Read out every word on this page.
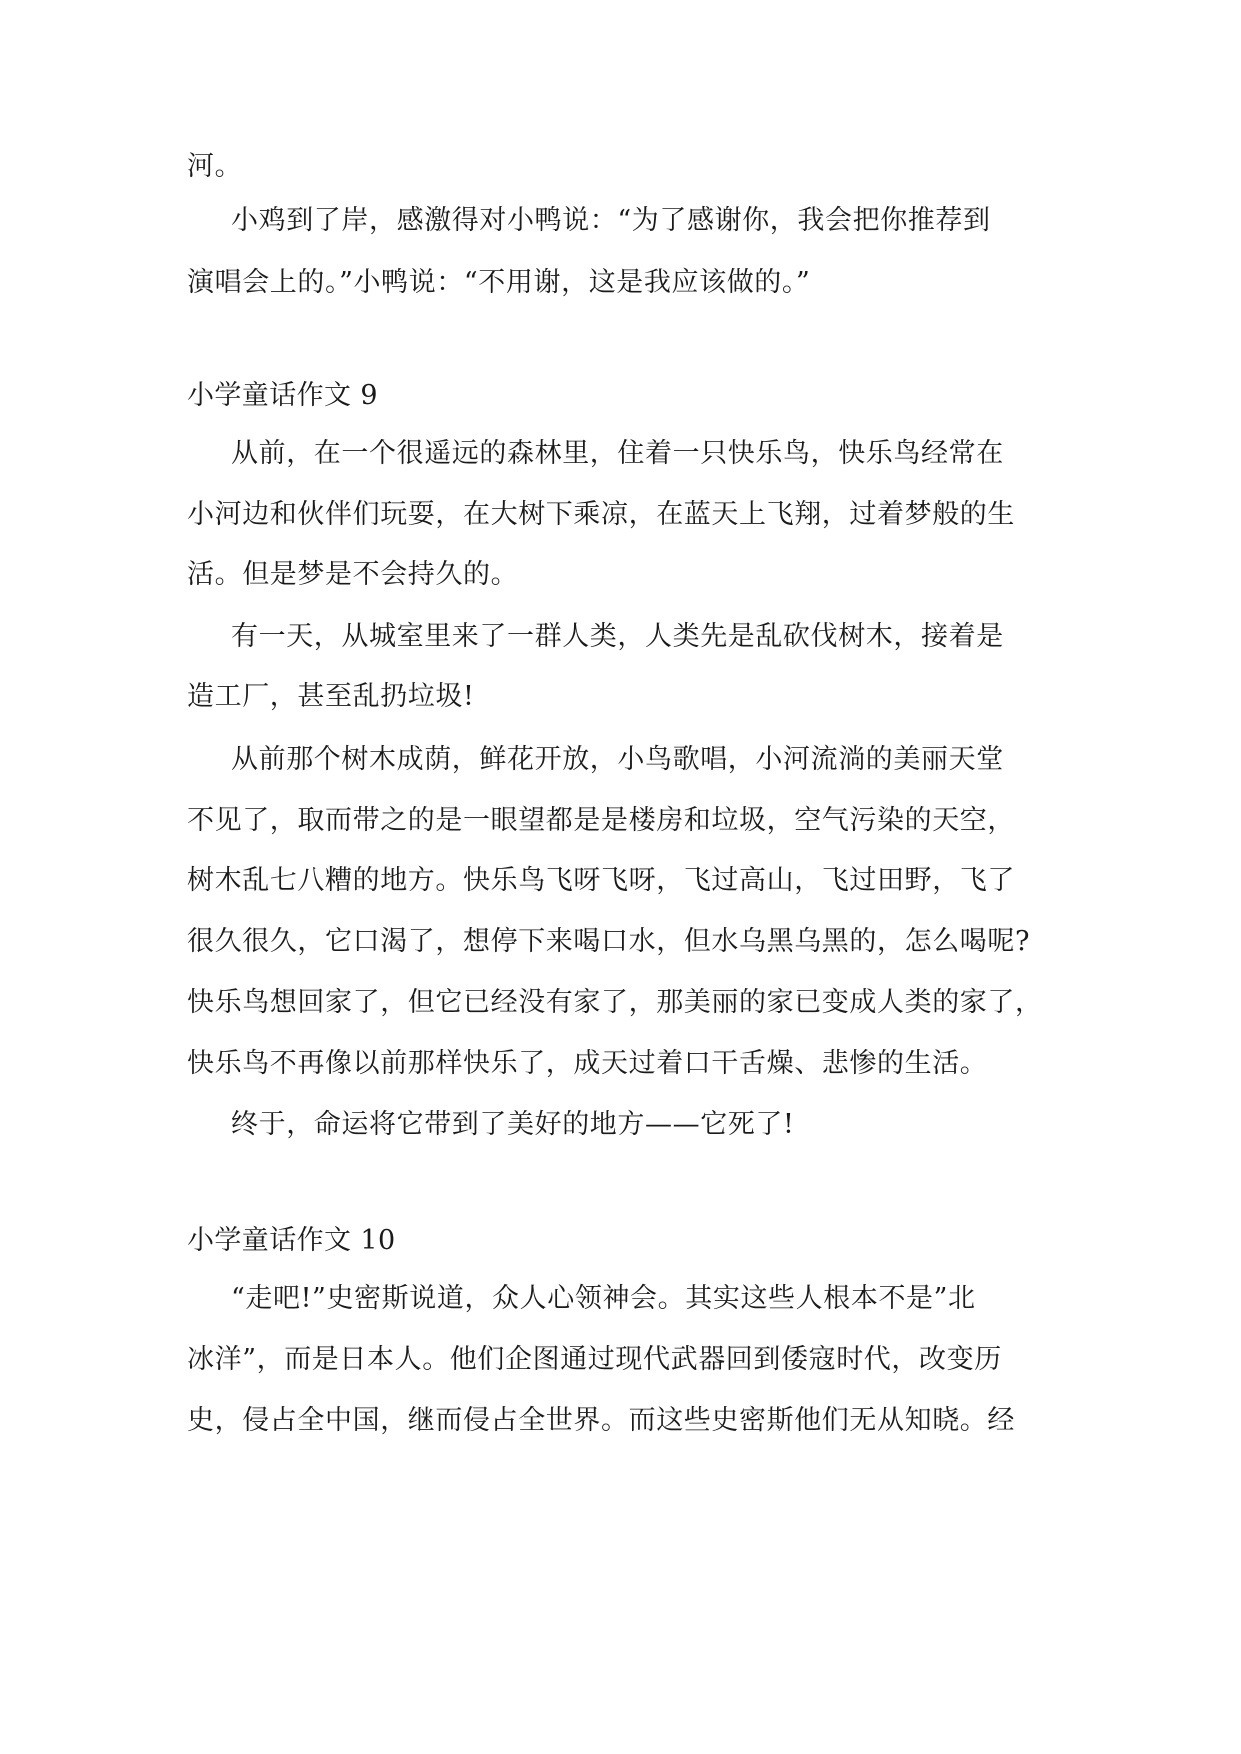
河。
小鸡到了岸，感激得对小鸭说：“为了感谢你，我会把你推荐到
演唱会上的。”小鸭说：“不用谢，这是我应该做的。”
小学童话作文 9
从前，在一个很遥远的森林里，住着一只快乐鸟，快乐鸟经常在
小河边和伙伴们玩耍，在大树下乘凉，在蓝天上飞翔，过着梦般的生
活。但是梦是不会持久的。
有一天，从城室里来了一群人类，人类先是乱砍伐树木，接着是
造工厂，甚至乱扔垃圾!
从前那个树木成荫，鲜花开放，小鸟歌唱，小河流淌的美丽天堂
不见了，取而带之的是一眼望都是是楼房和垃圾，空气污染的天空，
树木乱七八糟的地方。快乐鸟飞呀飞呀，飞过高山，飞过田野，飞了
很久很久，它口渴了，想停下来喝口水，但水乌黑乌黑的，怎么喝呢?
快乐鸟想回家了，但它已经没有家了，那美丽的家已变成人类的家了，
快乐鸟不再像以前那样快乐了，成天过着口干舌燥、悲惨的生活。
终于，命运将它带到了美好的地方——它死了!
小学童话作文 10
“走吧!”史密斯说道，众人心领神会。其实这些人根本不是”北
冰洋”，而是日本人。他们企图通过现代武器回到倭寇时代，改变历
史，侵占全中国，继而侵占全世界。而这些史密斯他们无从知晓。经
